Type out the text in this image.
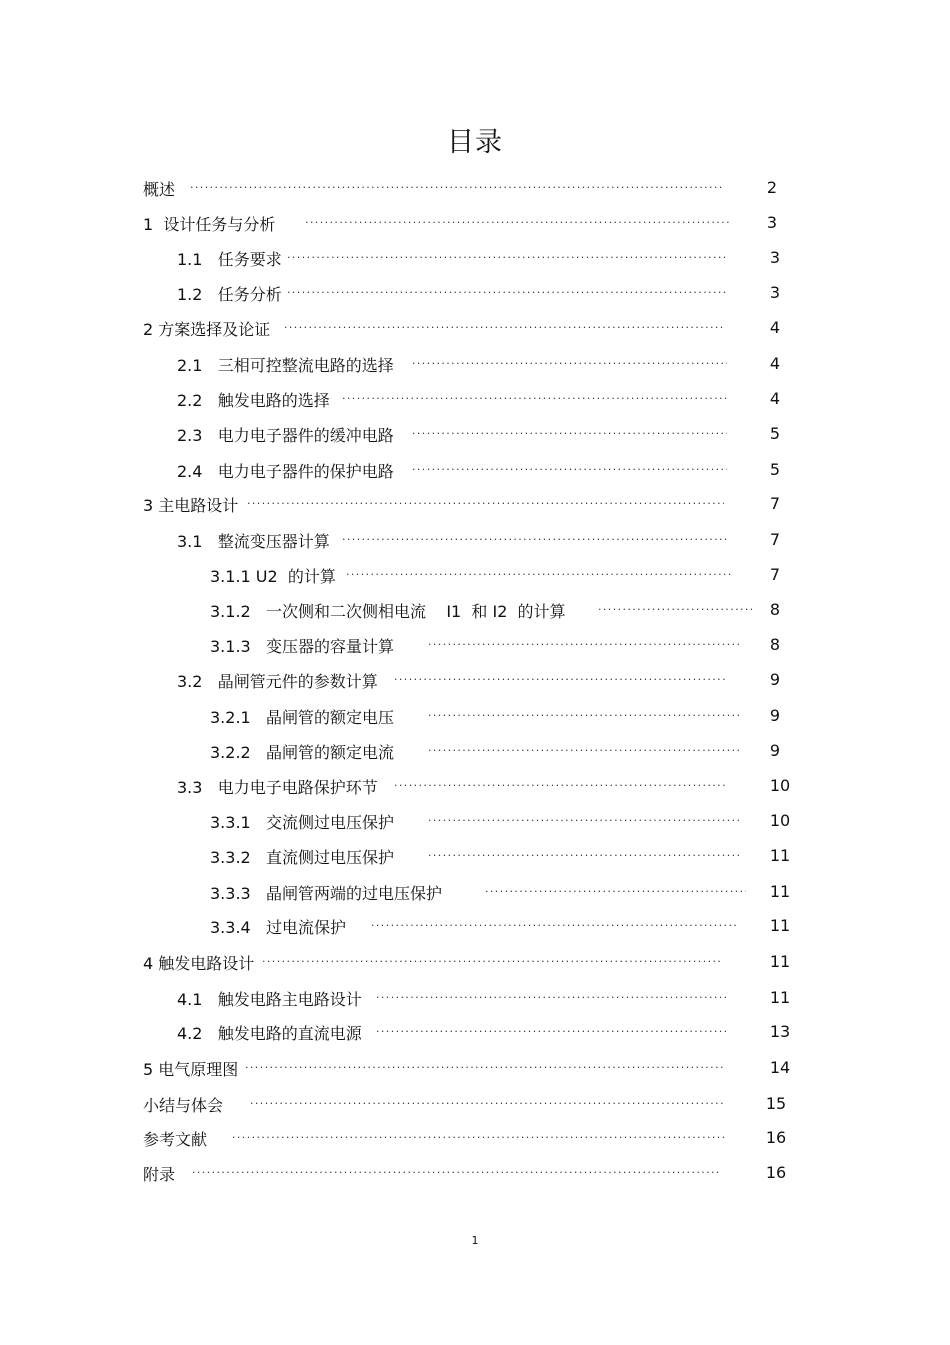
目录
概述 ·····	2
1  设计任务与分析 ·····	3
1.1   任务要求 ·····	3
1.2   任务分析 ·····	3
2 方案选择及论证 ·····	4
2.1   三相可控整流电路的选择 ·····	4
2.2   触发电路的选择 ·····	4
2.3   电力电子器件的缓冲电路 ·····	5
2.4   电力电子器件的保护电路 ·····	5
3 主电路设计 ·····	7
3.1   整流变压器计算 ·····	7
3.1.1 U2  的计算 ·····	7
3.1.2   一次侧和二次侧相电流    I1  和 I2  的计算 ·····	8
3.1.3   变压器的容量计算 ·····	8
3.2   晶闸管元件的参数计算 ·····	9
3.2.1   晶闸管的额定电压 ·····	9
3.2.2   晶闸管的额定电流 ·····	9
3.3   电力电子电路保护环节 ·····	10
3.3.1   交流侧过电压保护 ·····	10
3.3.2   直流侧过电压保护 ·····	11
3.3.3   晶闸管两端的过电压保护 ·····	11
3.3.4   过电流保护 ·····	11
4 触发电路设计 ·····	11
4.1   触发电路主电路设计 ·····	11
4.2   触发电路的直流电源 ·····	13
5 电气原理图 ·····	14
小结与体会 ·····	15
参考文献 ·····	16
附录 ·····	16
1
